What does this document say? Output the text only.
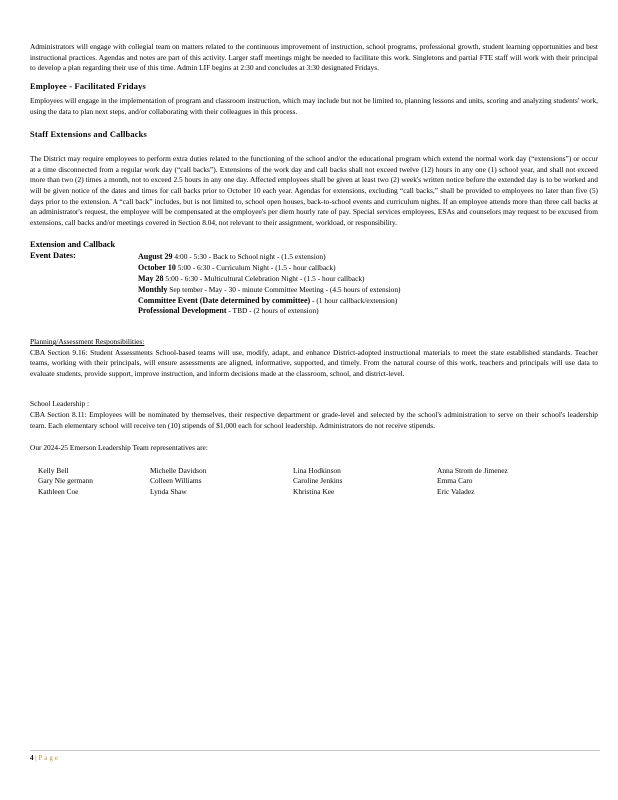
Administrators will engage with collegial team on matters related to the continuous improvement of instruction, school programs, professional growth, student learning opportunities and best instructional practices. Agendas and notes are part of this activity. Larger staff meetings might be needed to facilitate this work. Singletons and partial FTE staff will work with their principal to develop a plan regarding their use of this time. Admin LIF begins at 2:30 and concludes at 3:30 designated Fridays.

Employee - Facilitated Fridays

Employees will engage in the implementation of program and classroom instruction, which may include but not be limited to, planning lessons and units, scoring and analyzing students' work, using the data to plan next steps, and/or collaborating with their colleagues in this process.

Staff Extensions and Callbacks

The District may require employees to perform extra duties related to the functioning of the school and/or the educational program which extend the normal work day (“extensions”) or occur at a time disconnected from a regular work day (“call backs”). Extensions of the work day and call backs shall not exceed twelve (12) hours in any one (1) school year, and shall not exceed more than two (2) times a month, not to exceed 2.5 hours in any one day. Affected employees shall be given at least two (2) week's written notice before the extended day is to be worked and will be given notice of the dates and times for call backs prior to October 10 each year. Agendas for extensions, excluding “call backs,” shall be provided to employees no later than five (5) days prior to the extension. A “call back” includes, but is not limited to, school open houses, back-to-school events and curriculum nights. If an employee attends more than three call backs at an administrator's request, the employee will be compensated at the employee's per diem hourly rate of pay. Special services employees, ESAs and counselors may request to be excused from extensions, call backs and/or meetings covered in Section 8.04, not relevant to their assignment, workload, or responsibility.

Extension and Callback Event Dates:	August 29 4:00 - 5:30 - Back to School night - (1.5 extension)
October 10 5:00 - 6:30 - Curriculum Night - (1.5 - hour callback)
May 28 5:00 - 6:30 - Multicultural Celebration Night - (1.5 - hour callback)
Monthly Sep tember - May - 30 - minute Committee Meeting - (4.5 hours of extension)
Committee Event (Date determined by committee) - (1 hour callback/extension)
Professional Development - TBD - (2 hours of extension)
Planning/Assessment Responsibilities:

CBA Section 9.16: Student Assessments School-based teams will use, modify, adapt, and enhance District-adopted instructional materials to meet the state established standards. Teacher teams, working with their principals, will ensure assessments are aligned, informative, supported, and timely. From the natural course of this work, teachers and principals will use data to evaluate students, provide support, improve instruction, and inform decisions made at the classroom, school, and district-level.

School Leadership :

CBA Section 8.11: Employees will be nominated by themselves, their respective department or grade-level and selected by the school's administration to serve on their school's leadership team. Each elementary school will receive ten (10) stipends of $1,000 each for school leadership. Administrators do not receive stipends.

Our 2024-25 Emerson Leadership Team representatives are:
Kelly Bell	Michelle Davidson	Lina Hodkinson	Anna Strom de Jimenez
Gary Nie germann	Colleen Williams	Caroline Jenkins	Emma Caro
Kathleen Coe	Lynda Shaw	Khristina Kee	Eric Valadez
4 | Page
